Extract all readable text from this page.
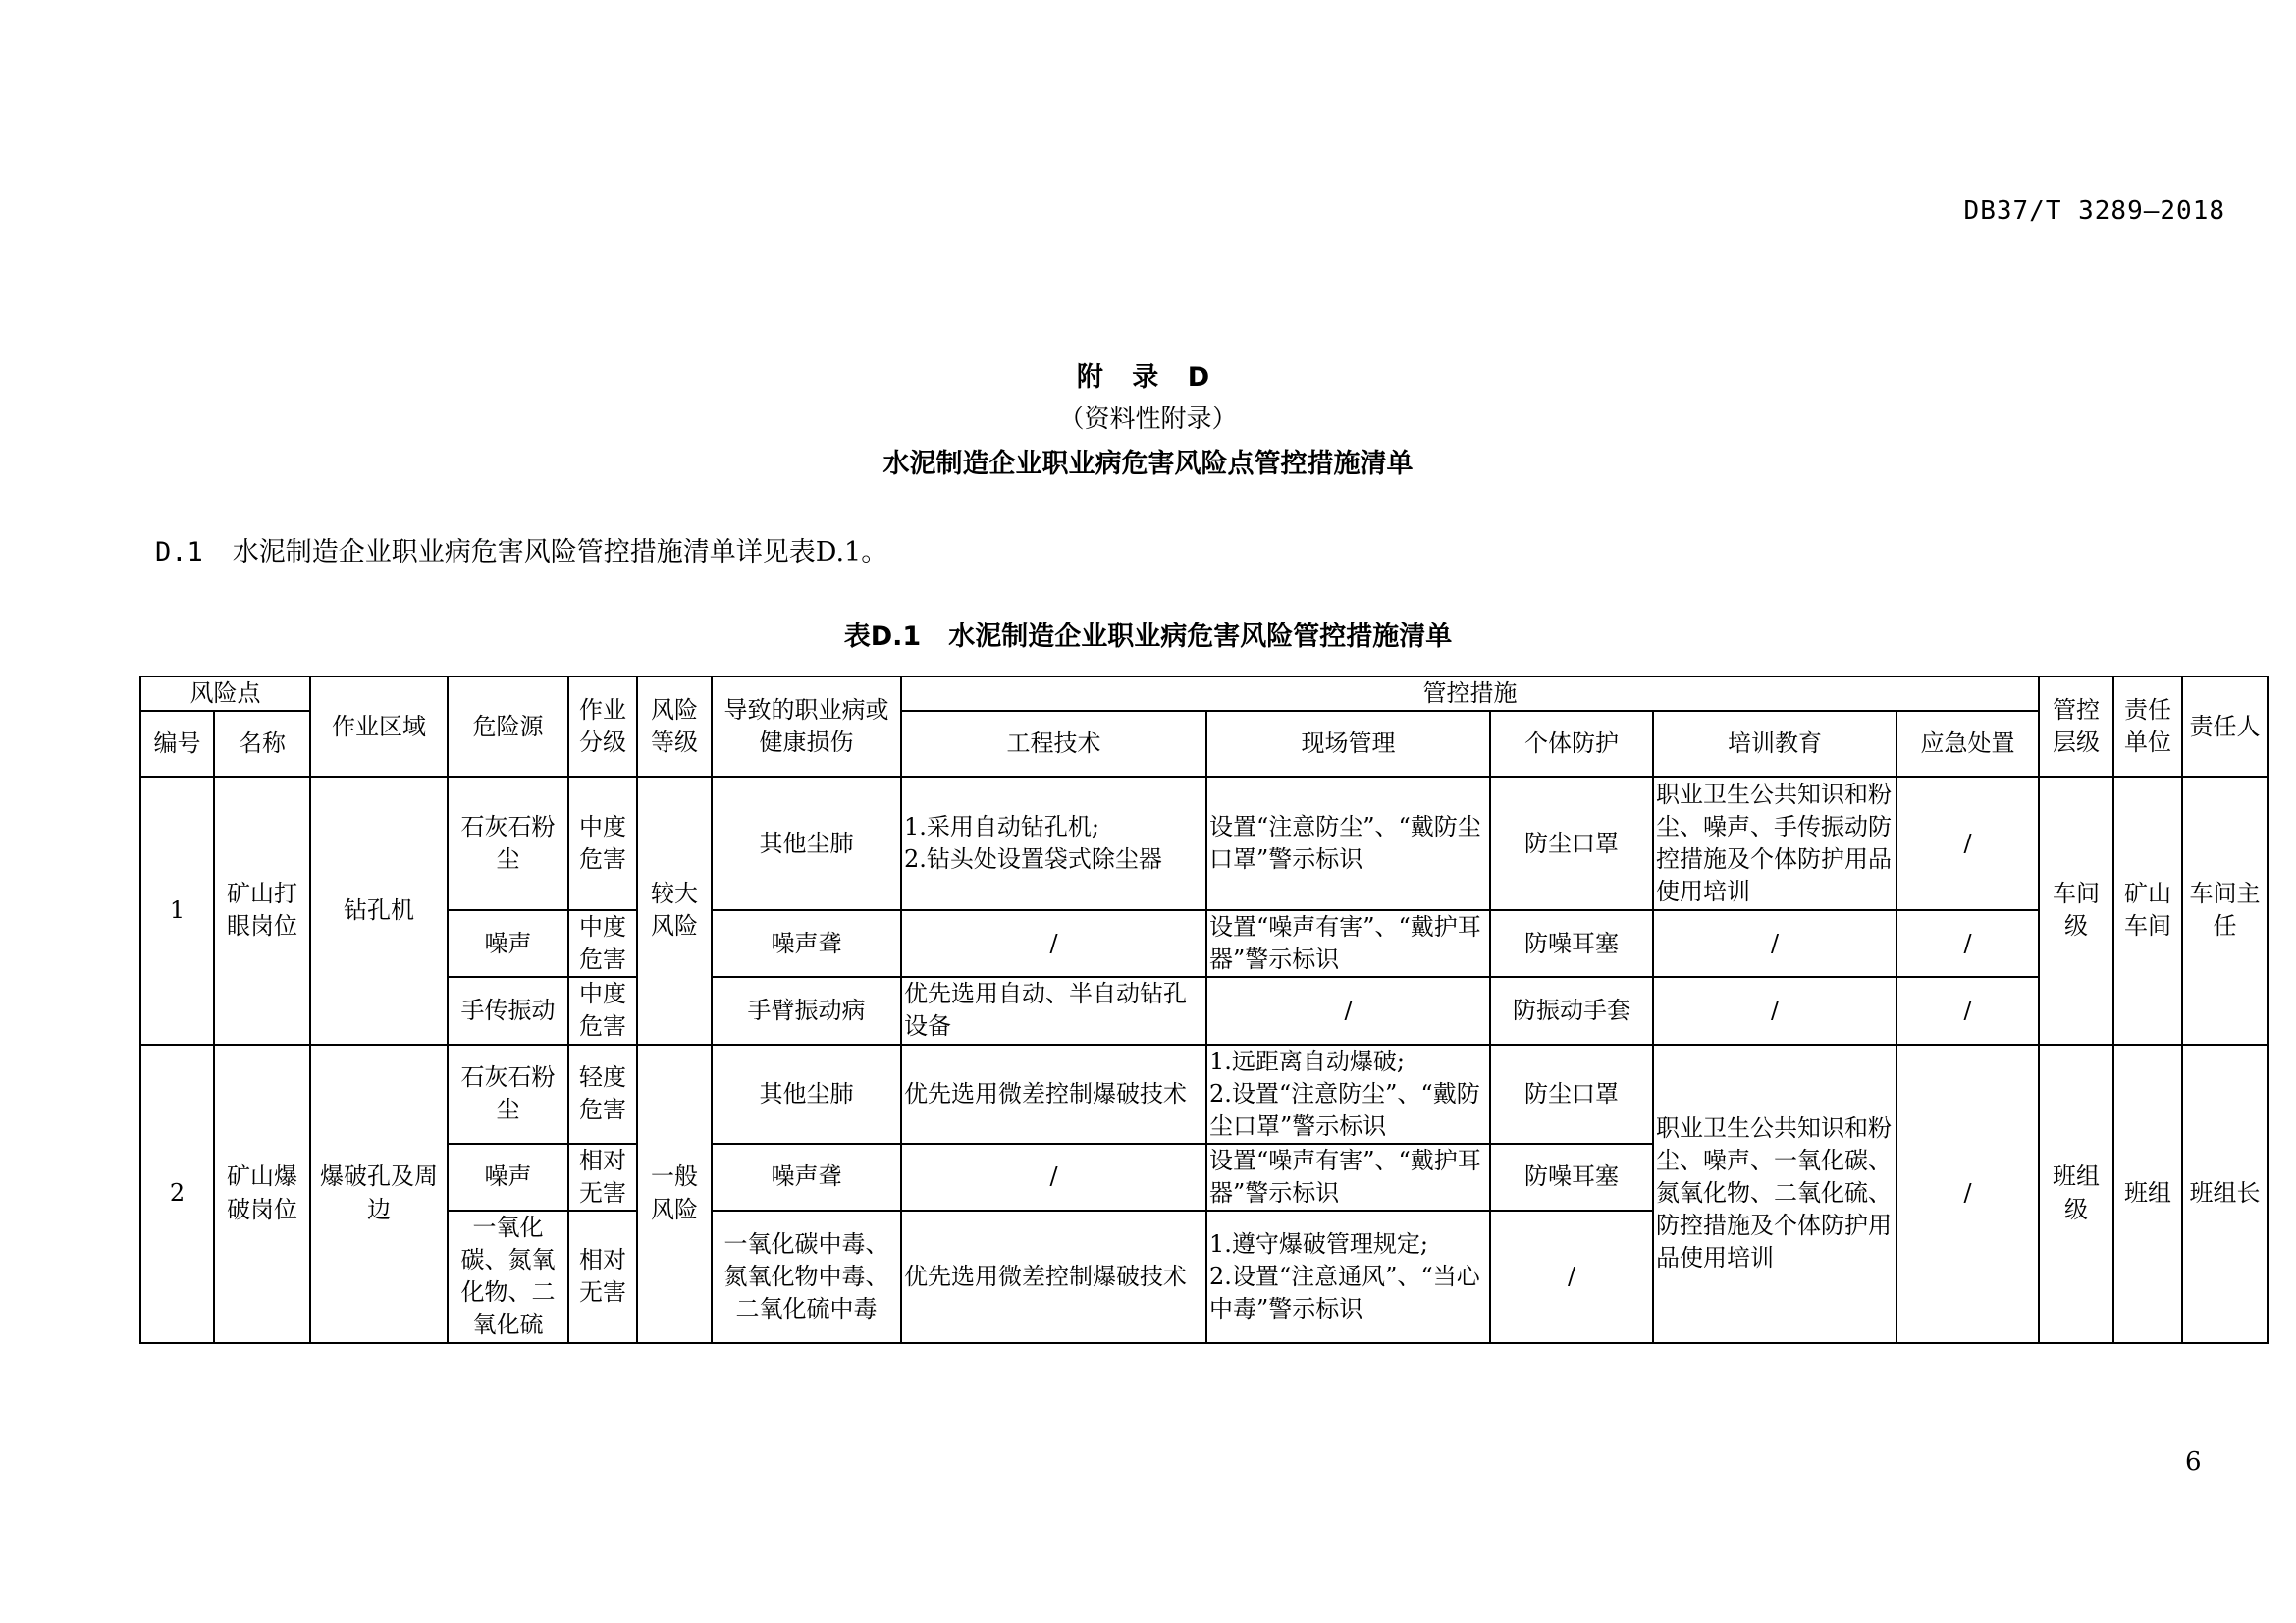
DB37/T 3289—2018
附 录 D
（资料性附录）
水泥制造企业职业病危害风险点管控措施清单
D.1 水泥制造企业职业病危害风险管控措施清单详见表D.1。
表D.1 水泥制造企业职业病危害风险管控措施清单
风险点		作业区域	危险源	作业分级	风险等级	导致的职业病或健康损伤	管控措施					管控层级	责任单位	责任人
编号	名称						工程技术	现场管理	个体防护	培训教育	应急处置			
1	矿山打眼岗位	钻孔机	石灰石粉尘	中度危害	较大风险	其他尘肺	1.采用自动钻孔机;
2.钻头处设置袋式除尘器	设置“注意防尘”、“戴防尘口罩”警示标识	防尘口罩	职业卫生公共知识和粉尘、噪声、手传振动防控措施及个体防护用品使用培训	/	车间级	矿山车间	车间主任
			噪声	中度危害		噪声聋	/	设置“噪声有害”、“戴护耳器”警示标识	防噪耳塞	/	/			
			手传振动	中度危害		手臂振动病	优先选用自动、半自动钻孔设备	/	防振动手套	/	/			
2	矿山爆破岗位	爆破孔及周边	石灰石粉尘	轻度危害	一般风险	其他尘肺	优先选用微差控制爆破技术	1.远距离自动爆破;
2.设置“注意防尘”、“戴防尘口罩”警示标识	防尘口罩	职业卫生公共知识和粉尘、噪声、一氧化碳、氮氧化物、二氧化硫、防控措施及个体防护用品使用培训	/	班组级	班组	班组长
			噪声	相对无害		噪声聋	/	设置“噪声有害”、“戴护耳器”警示标识	防噪耳塞					
			一氧化碳、氮氧化物、二氧化硫	相对无害		一氧化碳中毒、氮氧化物中毒、二氧化硫中毒	优先选用微差控制爆破技术	1.遵守爆破管理规定;
2.设置“注意通风”、“当心中毒”警示标识	/					
6
